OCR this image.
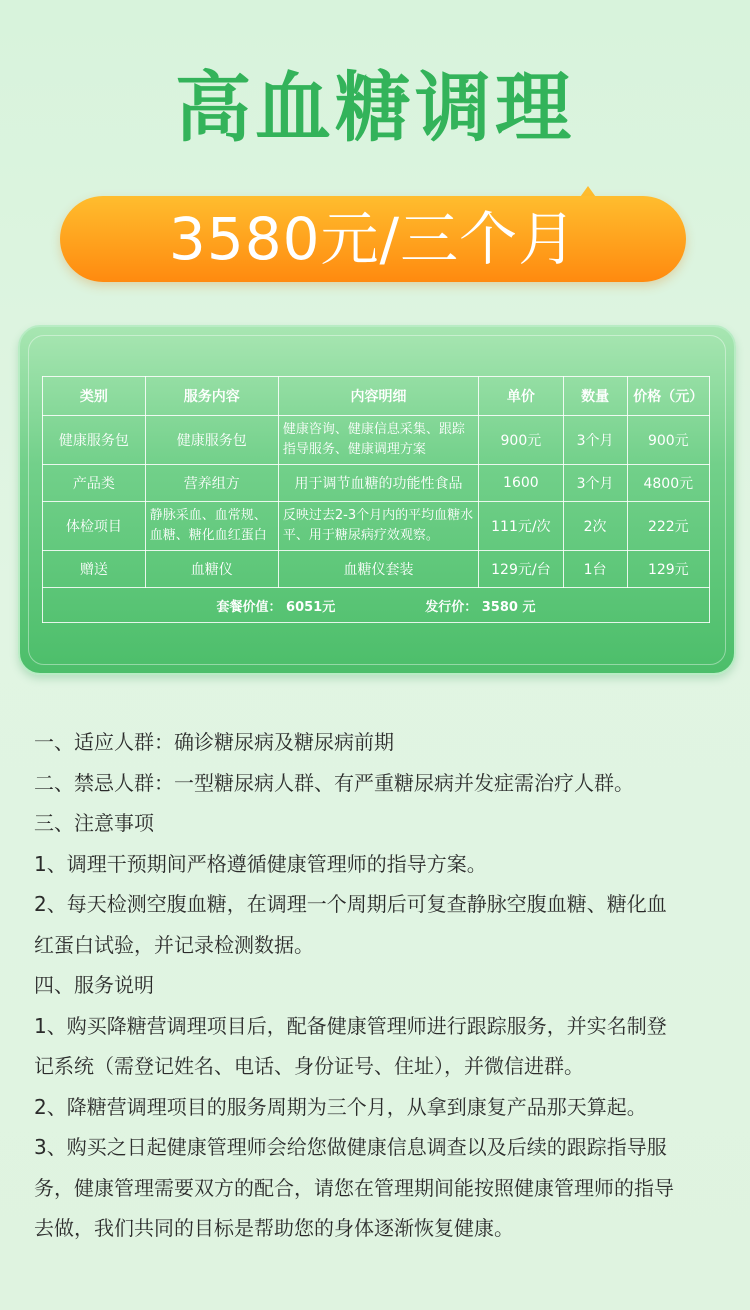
高血糖调理
3580元/三个月
类别	服务内容	内容明细	单价	数量	价格（元）
健康服务包	健康服务包	健康咨询、健康信息采集、跟踪指导服务、健康调理方案	900元	3个月	900元
产品类	营养组方	用于调节血糖的功能性食品	1600	3个月	4800元
体检项目	静脉采血、血常规、血糖、糖化血红蛋白	反映过去2-3个月内的平均血糖水平、用于糖尿病疗效观察。	111元/次	2次	222元
赠送	血糖仪	血糖仪套装	129元/台	1台	129元

套餐价值： 6051元 发行价： 3580 元					

一、适应人群：确诊糖尿病及糖尿病前期

二、禁忌人群：一型糖尿病人群、有严重糖尿病并发症需治疗人群。

三、注意事项

1、调理干预期间严格遵循健康管理师的指导方案。

2、每天检测空腹血糖，在调理一个周期后可复查静脉空腹血糖、糖化血

红蛋白试验，并记录检测数据。

四、服务说明

1、购买降糖营调理项目后，配备健康管理师进行跟踪服务，并实名制登

记系统（需登记姓名、电话、身份证号、住址），并微信进群。

2、降糖营调理项目的服务周期为三个月，从拿到康复产品那天算起。

3、购买之日起健康管理师会给您做健康信息调查以及后续的跟踪指导服

务，健康管理需要双方的配合，请您在管理期间能按照健康管理师的指导

去做，我们共同的目标是帮助您的身体逐渐恢复健康。
